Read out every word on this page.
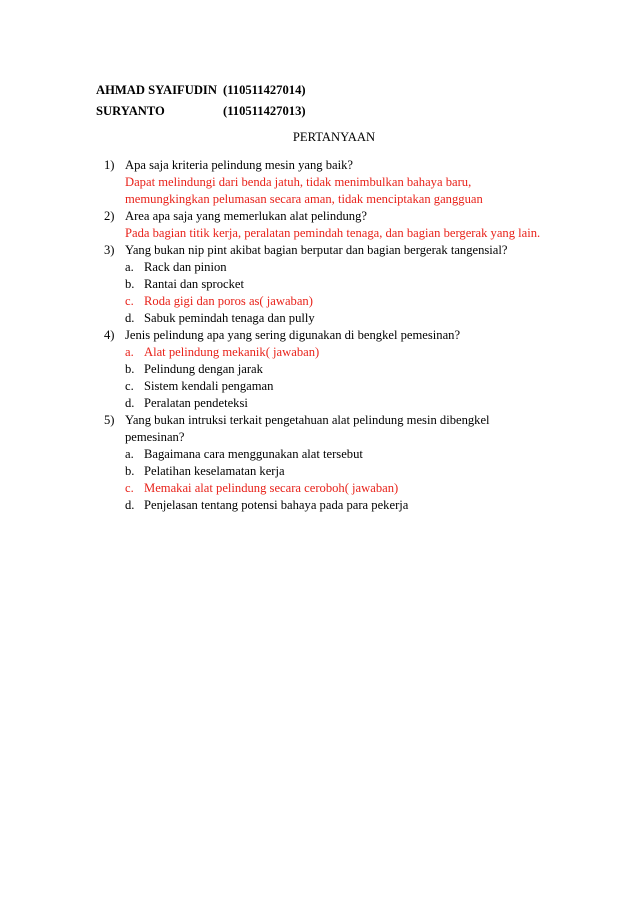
AHMAD SYAIFUDIN (110511427014)
SURYANTO	(110511427013)
PERTANYAAN
1) Apa saja kriteria pelindung mesin yang baik?
Dapat melindungi dari benda jatuh, tidak menimbulkan bahaya baru, memungkingkan pelumasan secara aman, tidak menciptakan gangguan
2) Area apa saja yang memerlukan alat pelindung?
Pada bagian titik kerja, peralatan pemindah tenaga, dan bagian bergerak yang lain.
3) Yang bukan nip pint akibat bagian berputar dan bagian bergerak tangensial?
a. Rack dan pinion
b. Rantai dan sprocket
c. Roda gigi dan poros as( jawaban)
d. Sabuk pemindah tenaga dan pully
4) Jenis pelindung apa yang sering digunakan di bengkel pemesinan?
a. Alat pelindung mekanik( jawaban)
b. Pelindung dengan jarak
c. Sistem kendali pengaman
d. Peralatan pendeteksi
5) Yang bukan intruksi terkait pengetahuan alat pelindung mesin dibengkel pemesinan?
a. Bagaimana cara menggunakan alat tersebut
b. Pelatihan keselamatan kerja
c. Memakai alat pelindung secara ceroboh( jawaban)
d. Penjelasan tentang potensi bahaya pada para pekerja
